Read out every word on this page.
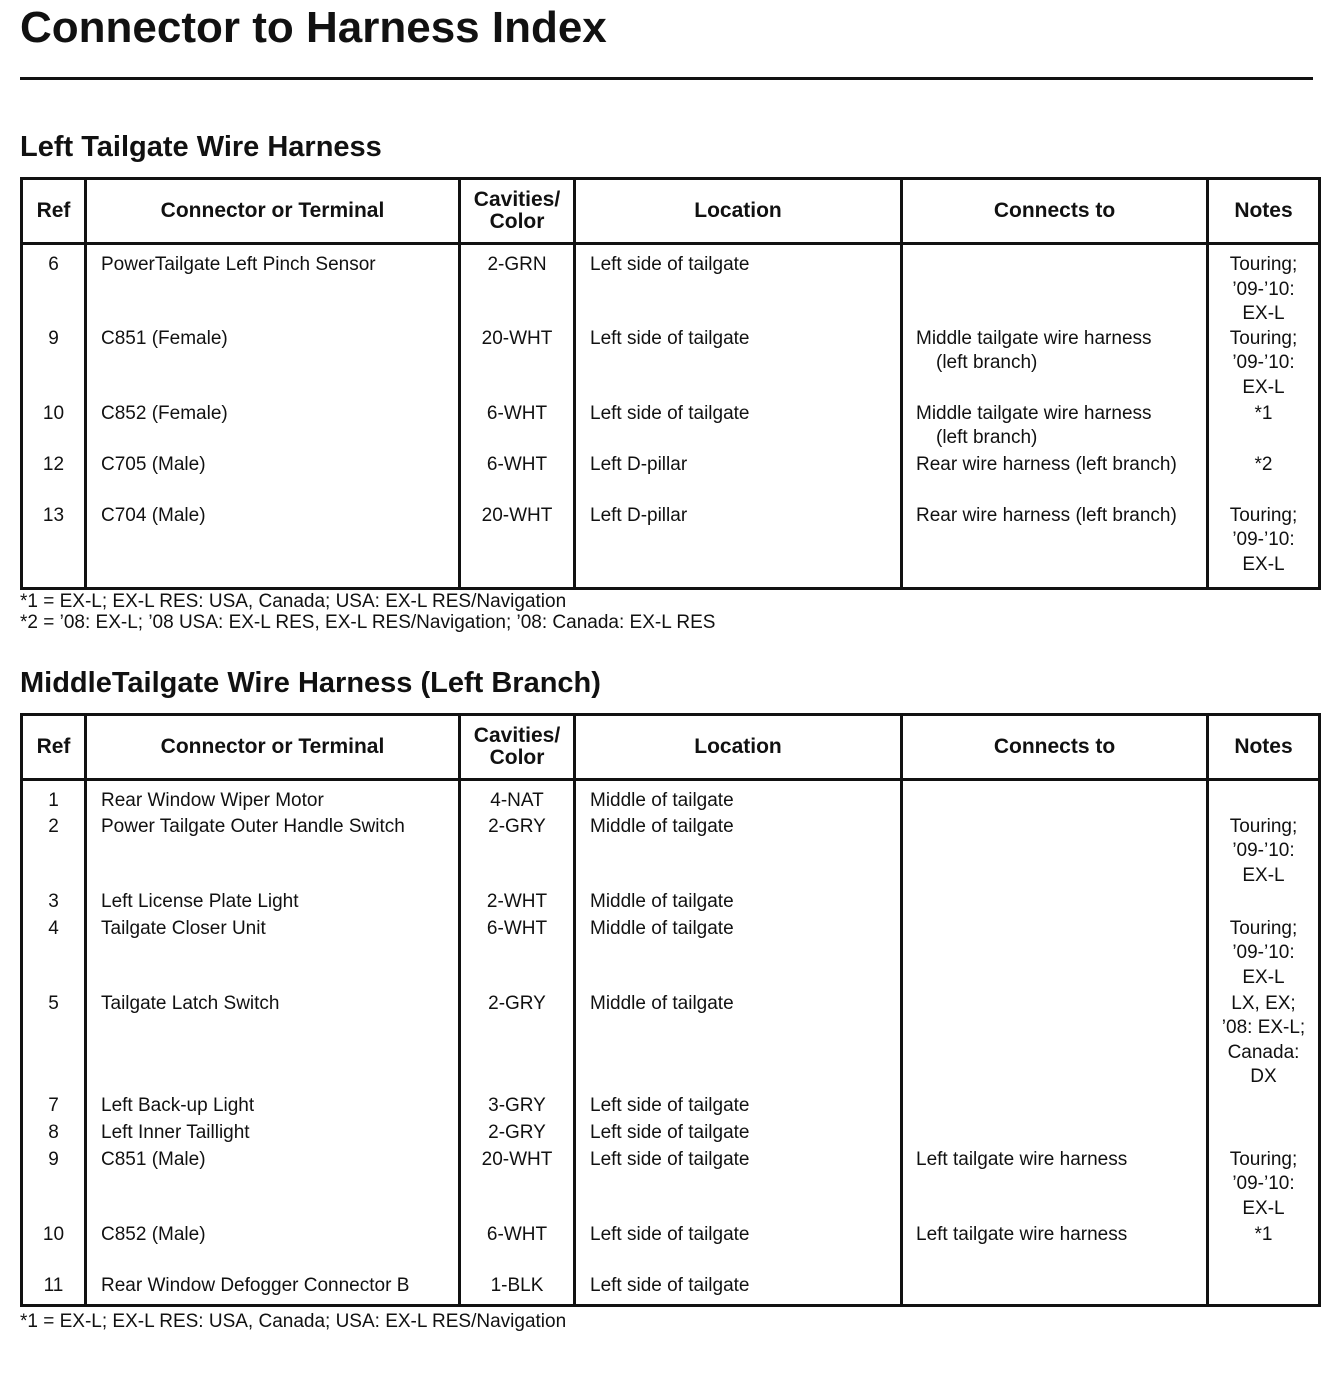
Connector to Harness Index
Left Tailgate Wire Harness
Ref	Connector or Terminal	Cavities/
Color	Location	Connects to	Notes
6	PowerTailgate Left Pinch Sensor	2-GRN	Left side of tailgate		Touring;
’09-’10:
EX-L

9	C851 (Female)	20-WHT	Left side of tailgate	Middle tailgate wire harness
(left branch)	Touring;
’09-’10:
EX-L

10	C852 (Female)	6-WHT	Left side of tailgate	Middle tailgate wire harness
(left branch)	*1

12	C705 (Male)	6-WHT	Left D-pillar	Rear wire harness (left branch)	*2
13	C704 (Male)	20-WHT	Left D-pillar	Rear wire harness (left branch)	Touring;
’09-’10:
EX-L
*1 = EX-L; EX-L RES: USA, Canada; USA: EX-L RES/Navigation
*2 = ’08: EX-L; ’08 USA: EX-L RES, EX-L RES/Navigation; ’08: Canada: EX-L RES
MiddleTailgate Wire Harness (Left Branch)
Ref	Connector or Terminal	Cavities/
Color	Location	Connects to	Notes
1	Rear Window Wiper Motor	4-NAT	Middle of tailgate		
2	Power Tailgate Outer Handle Switch	2-GRY	Middle of tailgate		Touring;
’09-’10:
EX-L

3	Left License Plate Light	2-WHT	Middle of tailgate		
4	Tailgate Closer Unit	6-WHT	Middle of tailgate		Touring;
’09-’10:
EX-L

5	Tailgate Latch Switch	2-GRY	Middle of tailgate		LX, EX;
’08: EX-L;
Canada:
DX

7	Left Back-up Light	3-GRY	Left side of tailgate		
8	Left Inner Taillight	2-GRY	Left side of tailgate		
9	C851 (Male)	20-WHT	Left side of tailgate	Left tailgate wire harness	Touring;
’09-’10:
EX-L

10	C852 (Male)	6-WHT	Left side of tailgate	Left tailgate wire harness	*1
11	Rear Window Defogger Connector B	1-BLK	Left side of tailgate		
*1 = EX-L; EX-L RES: USA, Canada; USA: EX-L RES/Navigation
